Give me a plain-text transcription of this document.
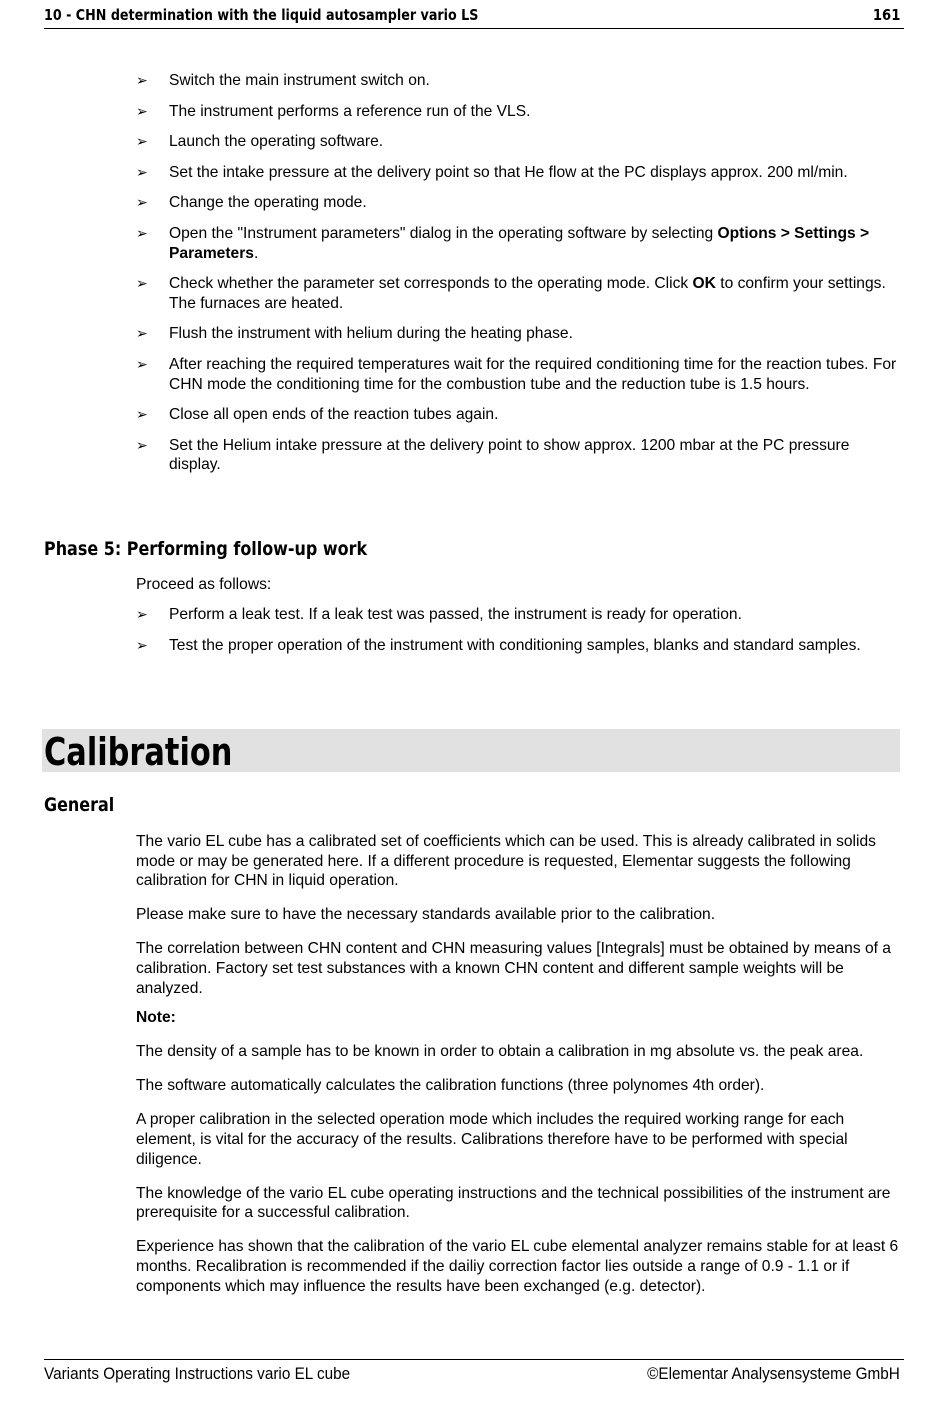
10 - CHN determination with the liquid autosampler vario LS	161
➢ Switch the main instrument switch on.
➢ The instrument performs a reference run of the VLS.
➢ Launch the operating software.
➢ Set the intake pressure at the delivery point so that He flow at the PC displays approx. 200 ml/min.
➢ Change the operating mode.
➢ Open the "Instrument parameters" dialog in the operating software by selecting Options > Settings > Parameters.
➢ Check whether the parameter set corresponds to the operating mode. Click OK to confirm your settings. The furnaces are heated.
➢ Flush the instrument with helium during the heating phase.
➢ After reaching the required temperatures wait for the required conditioning time for the reaction tubes. For CHN mode the conditioning time for the combustion tube and the reduction tube is 1.5 hours.
➢ Close all open ends of the reaction tubes again.
➢ Set the Helium intake pressure at the delivery point to show approx. 1200 mbar at the PC pressure display.
Phase 5: Performing follow-up work

Proceed as follows:

➢ Perform a leak test. If a leak test was passed, the instrument is ready for operation.
➢ Test the proper operation of the instrument with conditioning samples, blanks and standard samples.
Calibration
General

The vario EL cube has a calibrated set of coefficients which can be used. This is already calibrated in solids mode or may be generated here. If a different procedure is requested, Elementar suggests the following calibration for CHN in liquid operation.

Please make sure to have the necessary standards available prior to the calibration.

The correlation between CHN content and CHN measuring values [Integrals] must be obtained by means of a calibration. Factory set test substances with a known CHN content and different sample weights will be analyzed.

Note:

The density of a sample has to be known in order to obtain a calibration in mg absolute vs. the peak area.

The software automatically calculates the calibration functions (three polynomes 4th order).

A proper calibration in the selected operation mode which includes the required working range for each element, is vital for the accuracy of the results. Calibrations therefore have to be performed with special diligence.

The knowledge of the vario EL cube operating instructions and the technical possibilities of the instrument are prerequisite for a successful calibration.

Experience has shown that the calibration of the vario EL cube elemental analyzer remains stable for at least 6 months. Recalibration is recommended if the dailiy correction factor lies outside a range of 0.9 - 1.1 or if components which may influence the results have been exchanged (e.g. detector).

Variants Operating Instructions vario EL cube	©Elementar Analysensysteme GmbH
